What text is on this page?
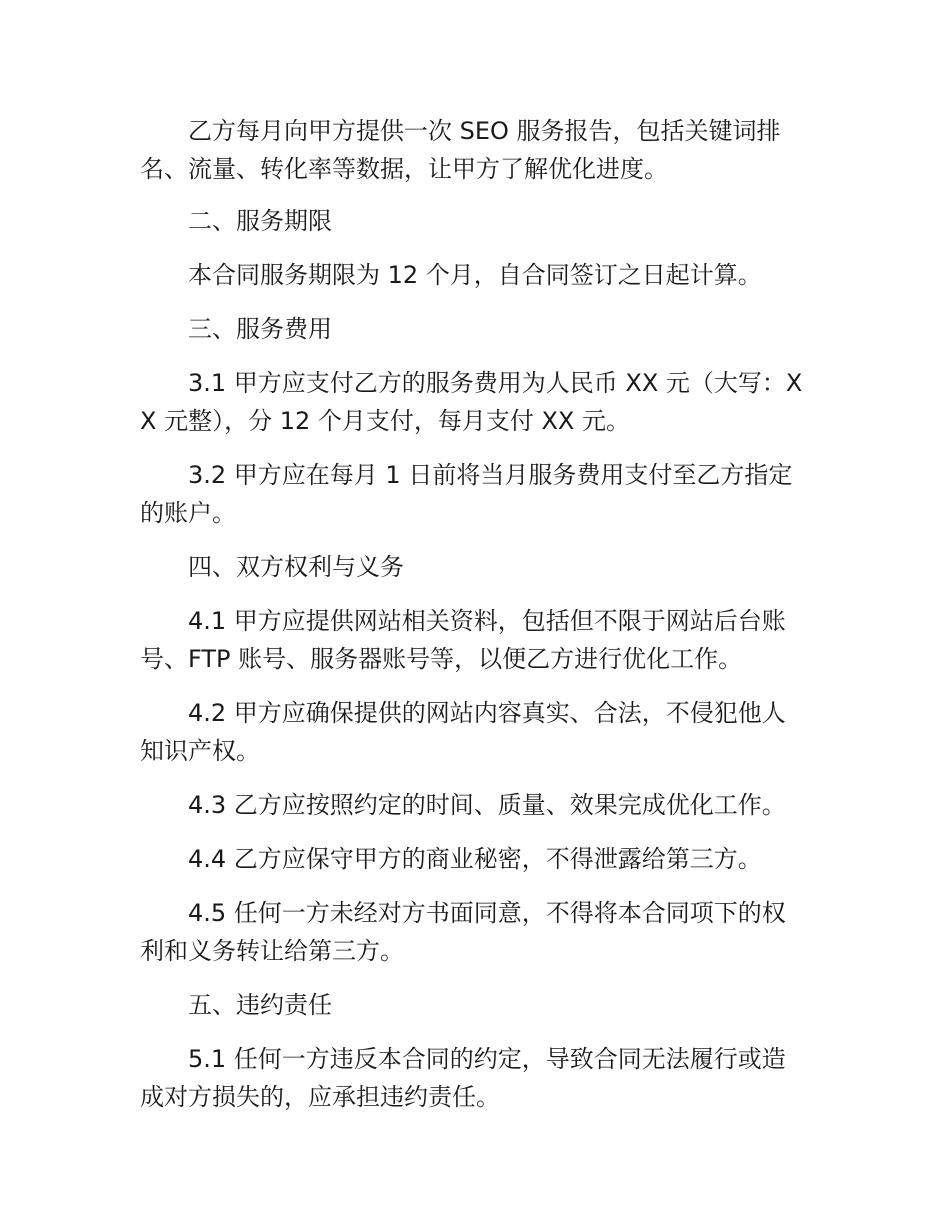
乙方每月向甲方提供一次 SEO 服务报告，包括关键词排名、流量、转化率等数据，让甲方了解优化进度。

二、服务期限

本合同服务期限为 12 个月，自合同签订之日起计算。

三、服务费用

3.1 甲方应支付乙方的服务费用为人民币 XX 元（大写：XX 元整），分 12 个月支付，每月支付 XX 元。

3.2 甲方应在每月 1 日前将当月服务费用支付至乙方指定的账户。

四、双方权利与义务

4.1 甲方应提供网站相关资料，包括但不限于网站后台账号、FTP 账号、服务器账号等，以便乙方进行优化工作。

4.2 甲方应确保提供的网站内容真实、合法，不侵犯他人知识产权。

4.3 乙方应按照约定的时间、质量、效果完成优化工作。

4.4 乙方应保守甲方的商业秘密，不得泄露给第三方。

4.5 任何一方未经对方书面同意，不得将本合同项下的权利和义务转让给第三方。

五、违约责任

5.1 任何一方违反本合同的约定，导致合同无法履行或造成对方损失的，应承担违约责任。
